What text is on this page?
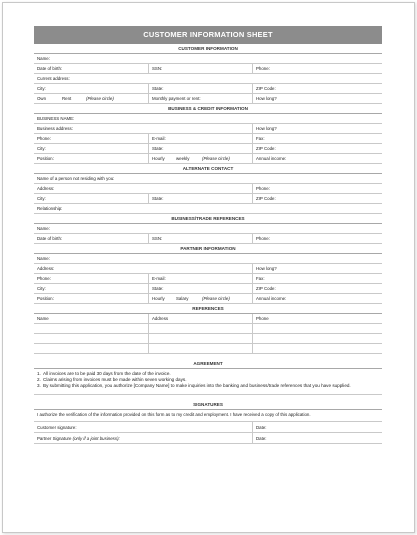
CUSTOMER INFORMATION SHEET
CUSTOMER INFORMATION
Name:
Date of birth:	SSN:	Phone:
Current address:
City:	State:	ZIP Code:
Own	Rent	(Please circle)	Monthly payment or rent:	How long?
BUSINESS & CREDIT INFORMATION
BUSINESS NAME:
Business address:	How long?
Phone:	E-mail:	Fax:
City:	State:	ZIP Code:
Position:	Hourly	weekly	(Please circle)	Annual income:
ALTERNATE CONTACT
Name of a person not residing with you:
Address:	Phone:
City:	State:	ZIP Code:
Relationship:
BUSINESS/TRADE REFERENCES
Name:
Date of birth:	SSN:	Phone:
PARTNER INFORMATION
Name:
Address:	How long?
Phone:	E-mail:	Fax:
City:	State:	ZIP Code:
Position:	Hourly	Salary	(Please circle)	Annual income:
REFERENCES
Name	Address	Phone
AGREEMENT
1. All invoices are to be paid 30 days from the date of the invoice.
2. Claims arising from invoices must be made within seven working days.
3. By submitting this application, you authorize [Company Name] to make inquiries into the banking and business/trade references that you have supplied.
SIGNATURES
I authorize the verification of the information provided on this form as to my credit and employment. I have received a copy of this application.
Customer signature:	Date:
Partner Signature (only if a joint business):	Date:
